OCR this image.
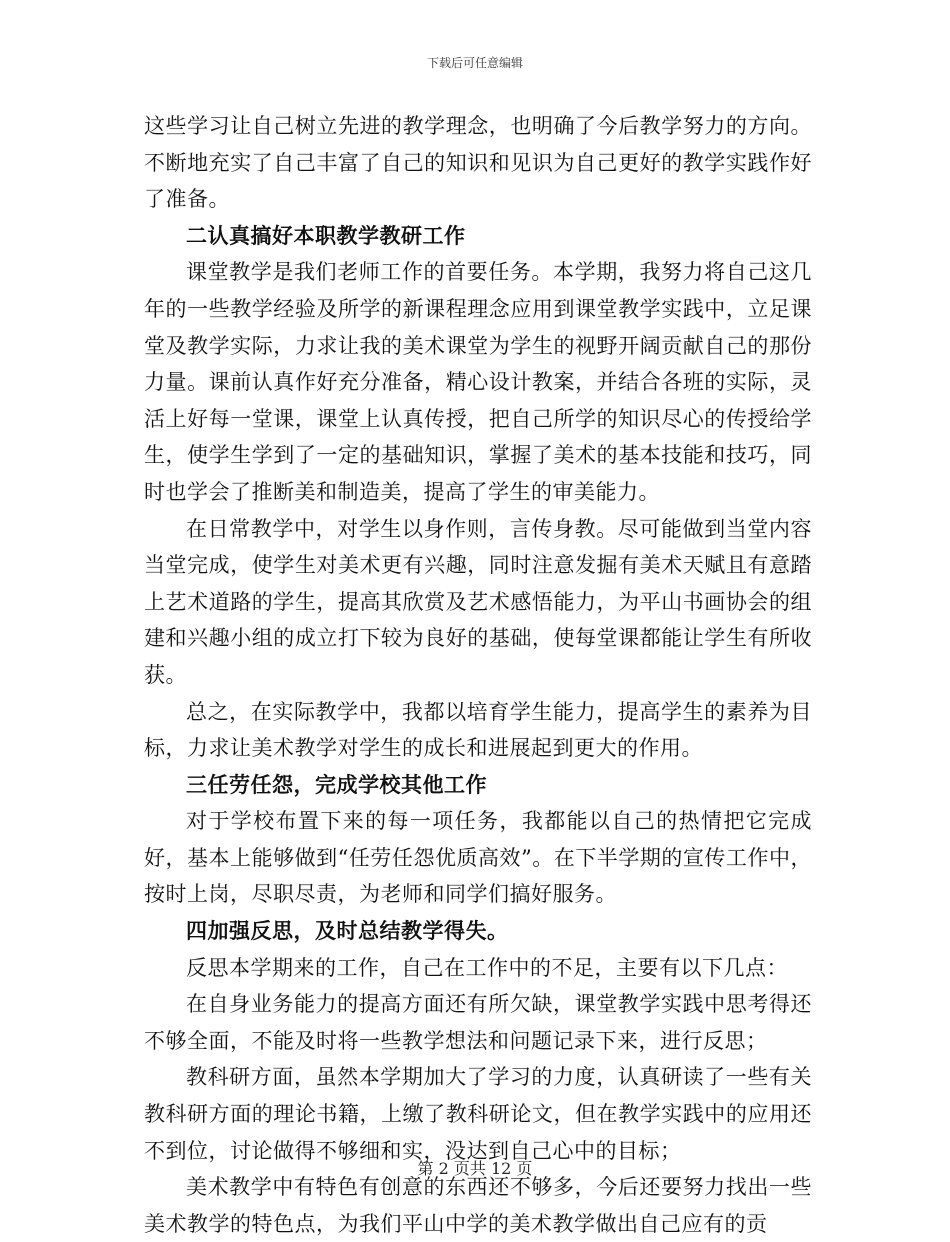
下载后可任意编辑

这些学习让自己树立先进的教学理念，也明确了今后教学努力的方向。不断地充实了自己丰富了自己的知识和见识为自己更好的教学实践作好了准备。

二认真搞好本职教学教研工作

课堂教学是我们老师工作的首要任务。本学期，我努力将自己这几年的一些教学经验及所学的新课程理念应用到课堂教学实践中，立足课堂及教学实际，力求让我的美术课堂为学生的视野开阔贡献自己的那份力量。课前认真作好充分准备，精心设计教案，并结合各班的实际，灵活上好每一堂课，课堂上认真传授，把自己所学的知识尽心的传授给学生，使学生学到了一定的基础知识，掌握了美术的基本技能和技巧，同时也学会了推断美和制造美，提高了学生的审美能力。

在日常教学中，对学生以身作则，言传身教。尽可能做到当堂内容当堂完成，使学生对美术更有兴趣，同时注意发掘有美术天赋且有意踏上艺术道路的学生，提高其欣赏及艺术感悟能力，为平山书画协会的组建和兴趣小组的成立打下较为良好的基础，使每堂课都能让学生有所收获。

总之，在实际教学中，我都以培育学生能力，提高学生的素养为目标，力求让美术教学对学生的成长和进展起到更大的作用。

三任劳任怨，完成学校其他工作

对于学校布置下来的每一项任务，我都能以自己的热情把它完成好，基本上能够做到“任劳任怨优质高效”。在下半学期的宣传工作中，按时上岗，尽职尽责，为老师和同学们搞好服务。

四加强反思，及时总结教学得失。

反思本学期来的工作，自己在工作中的不足，主要有以下几点：

在自身业务能力的提高方面还有所欠缺，课堂教学实践中思考得还不够全面，不能及时将一些教学想法和问题记录下来，进行反思；

教科研方面，虽然本学期加大了学习的力度，认真研读了一些有关教科研方面的理论书籍，上缴了教科研论文，但在教学实践中的应用还不到位，讨论做得不够细和实，没达到自己心中的目标；

美术教学中有特色有创意的东西还不够多，今后还要努力找出一些美术教学的特色点，为我们平山中学的美术教学做出自己应有的贡

第 2 页共 12 页
